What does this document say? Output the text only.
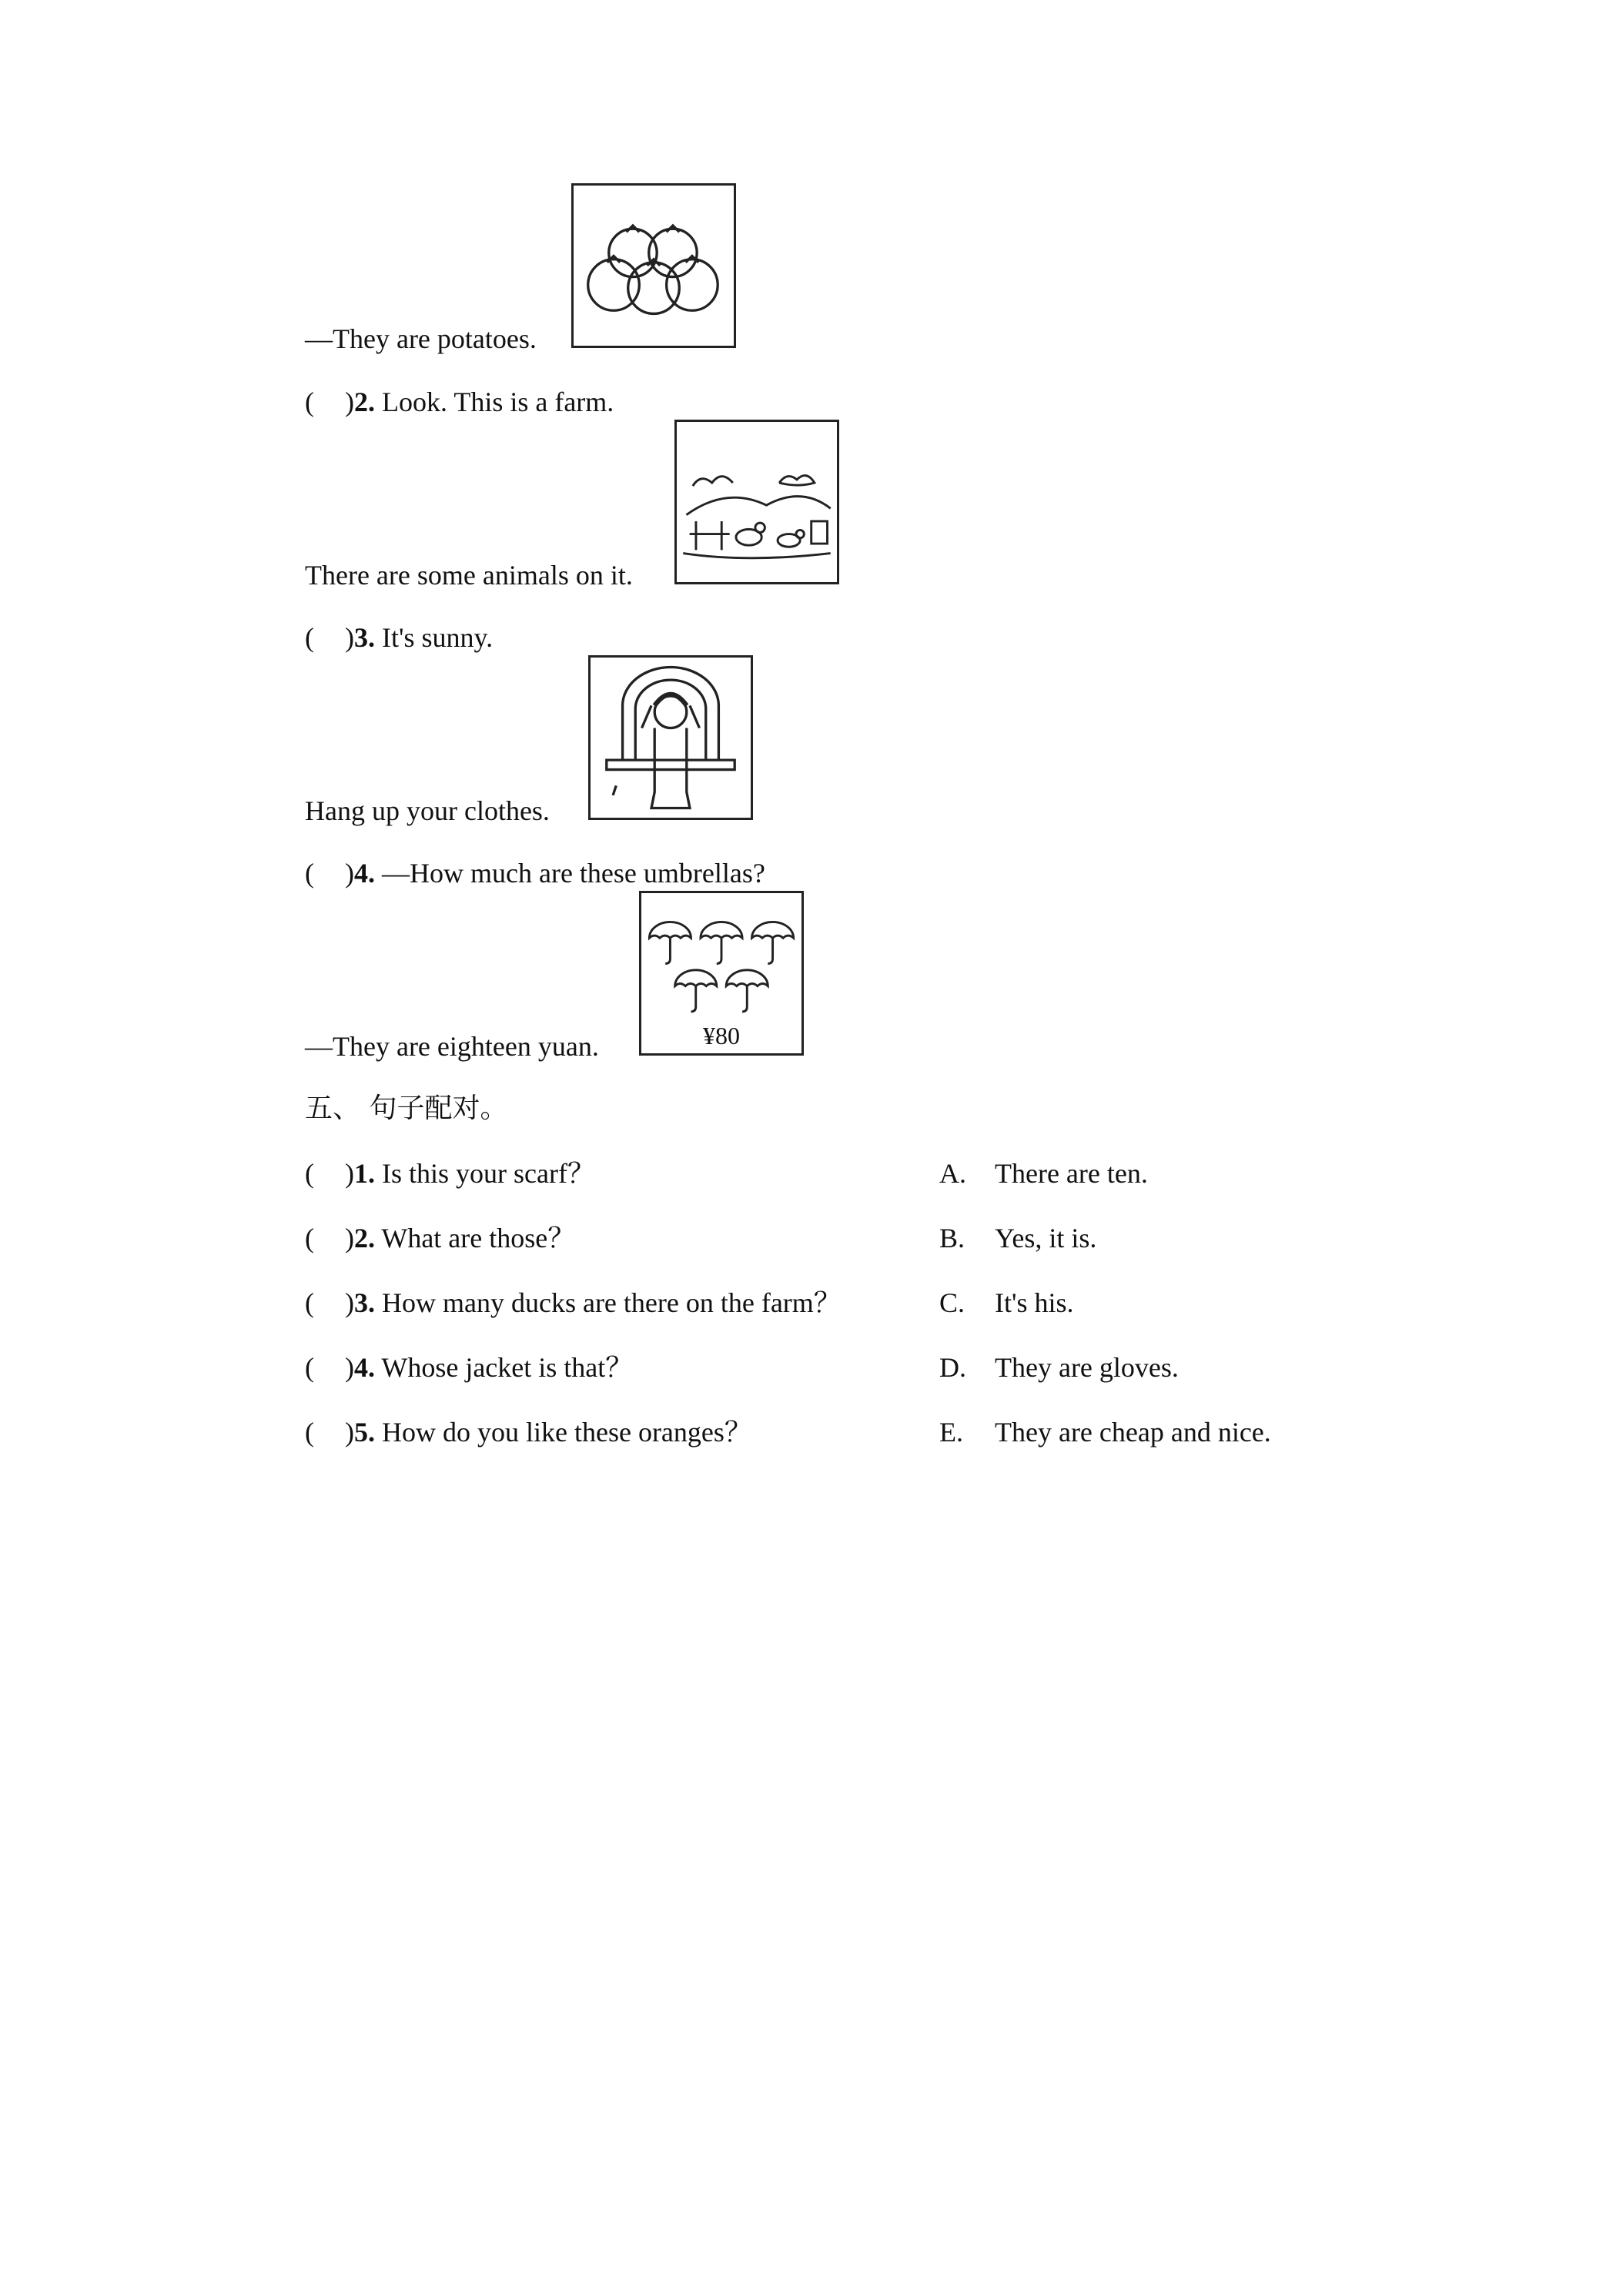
—They are potatoes.
( )2. Look. This is a farm.
There are some animals on it.
( )3. It's sunny.
Hang up your clothes.
( )4. —How much are these umbrellas?
¥80
—They are eighteen yuan.
五、 句子配对。
( )1. Is this your scarf？
( )2. What are those？
( )3. How many ducks are there on the farm？
( )4. Whose jacket is that？
( )5. How do you like these oranges？
A. There are ten.
B. Yes, it is.
C. It's his.
D. They are gloves.
E. They are cheap and nice.
